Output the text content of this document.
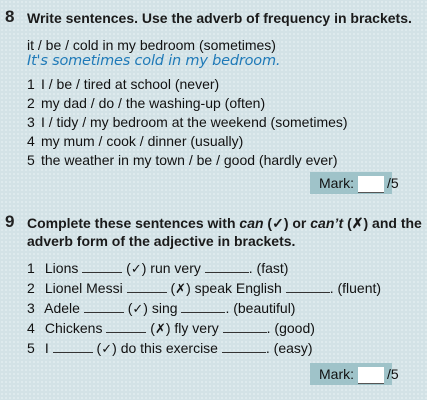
8 Write sentences. Use the adverb of frequency in brackets.
it / be / cold in my bedroom (sometimes)
It's sometimes cold in my bedroom.
1 I / be / tired at school (never)
2 my dad / do / the washing-up (often)
3 I / tidy / my bedroom at the weekend (sometimes)
4 my mum / cook / dinner (usually)
5 the weather in my town / be / good (hardly ever)
Mark: /5
9 Complete these sentences with can (✓) or can’t (✗) and the
adverb form of the adjective in brackets.
1 Lions	(✓) run very	. (fast)
2 Lionel Messi	(✗) speak English	. (fluent)
3 Adele	(✓) sing	. (beautiful)
4 Chickens	(✗) fly very	. (good)
5 I	(✓) do this exercise	. (easy)
Mark: /5
